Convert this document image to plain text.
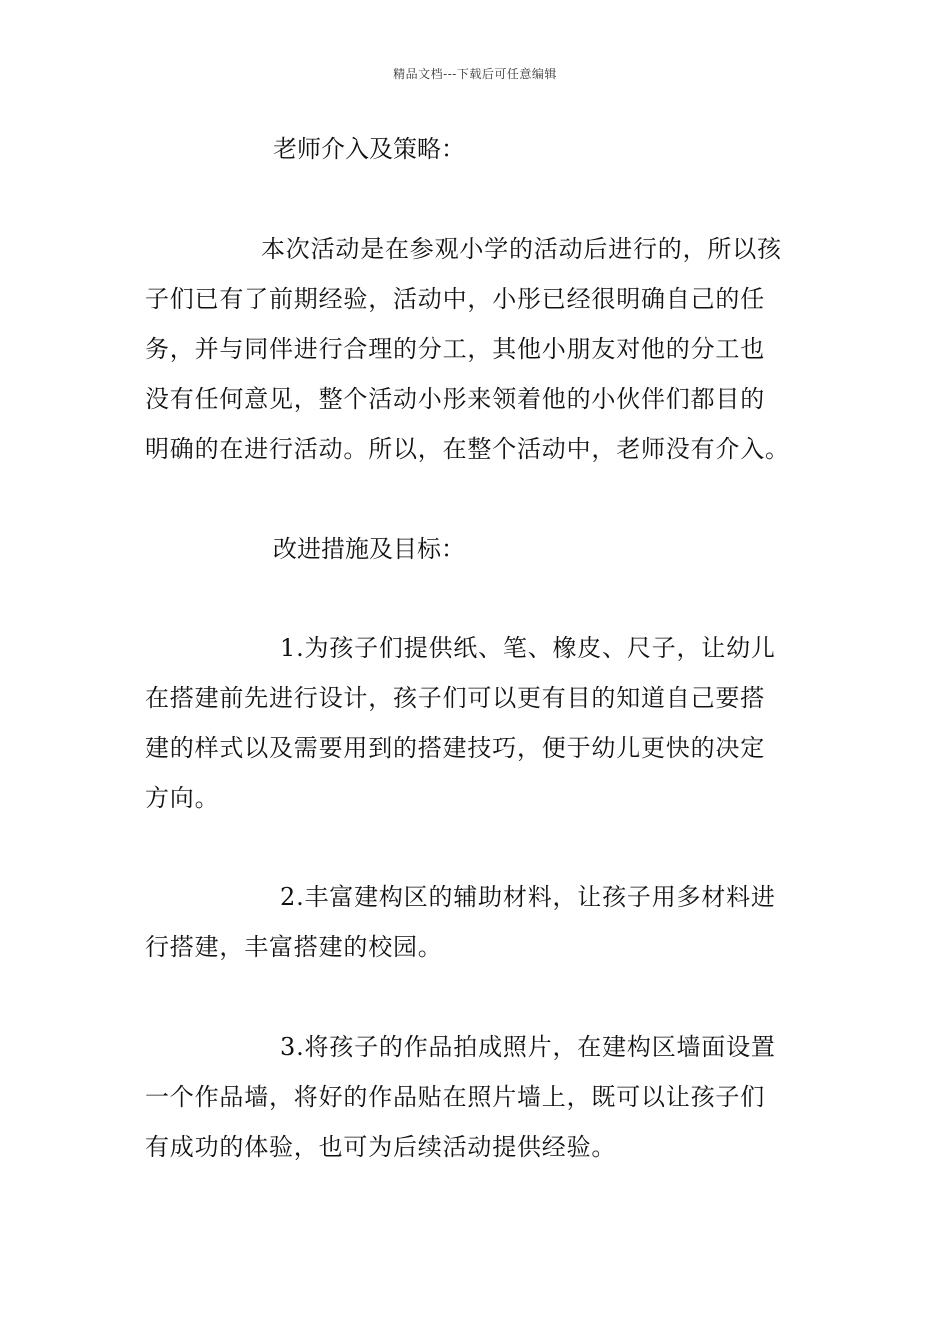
精品文档---下载后可任意编辑
老师介入及策略：
本次活动是在参观小学的活动后进行的，所以孩
子们已有了前期经验，活动中，小彤已经很明确自己的任
务，并与同伴进行合理的分工，其他小朋友对他的分工也
没有任何意见，整个活动小彤来领着他的小伙伴们都目的
明确的在进行活动。所以，在整个活动中，老师没有介入。
改进措施及目标：
1.为孩子们提供纸、笔、橡皮、尺子，让幼儿
在搭建前先进行设计，孩子们可以更有目的知道自己要搭
建的样式以及需要用到的搭建技巧，便于幼儿更快的决定
方向。
2.丰富建构区的辅助材料，让孩子用多材料进
行搭建，丰富搭建的校园。
3.将孩子的作品拍成照片，在建构区墙面设置
一个作品墙，将好的作品贴在照片墙上，既可以让孩子们
有成功的体验，也可为后续活动提供经验。
